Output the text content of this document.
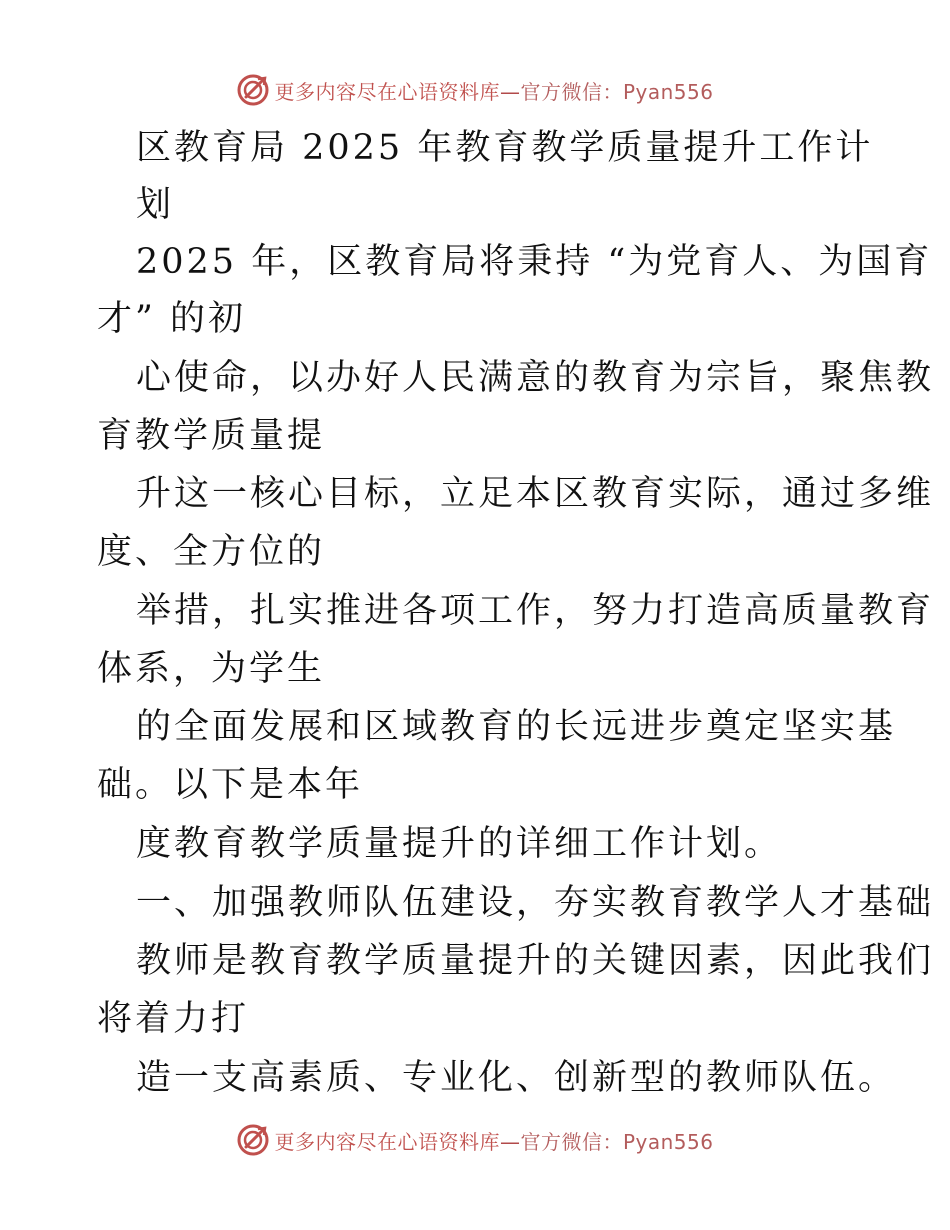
更多内容尽在心语资料库—官方微信：Pyan556
区教育局 2025 年教育教学质量提升工作计
划
2025 年，区教育局将秉持 “为党育人、为国育
才” 的初
心使命，以办好人民满意的教育为宗旨，聚焦教
育教学质量提
升这一核心目标，立足本区教育实际，通过多维
度、全方位的
举措，扎实推进各项工作，努力打造高质量教育
体系，为学生
的全面发展和区域教育的长远进步奠定坚实基
础。以下是本年
度教育教学质量提升的详细工作计划。
一、加强教师队伍建设，夯实教育教学人才基础
教师是教育教学质量提升的关键因素，因此我们
将着力打
造一支高素质、专业化、创新型的教师队伍。
更多内容尽在心语资料库—官方微信：Pyan556
